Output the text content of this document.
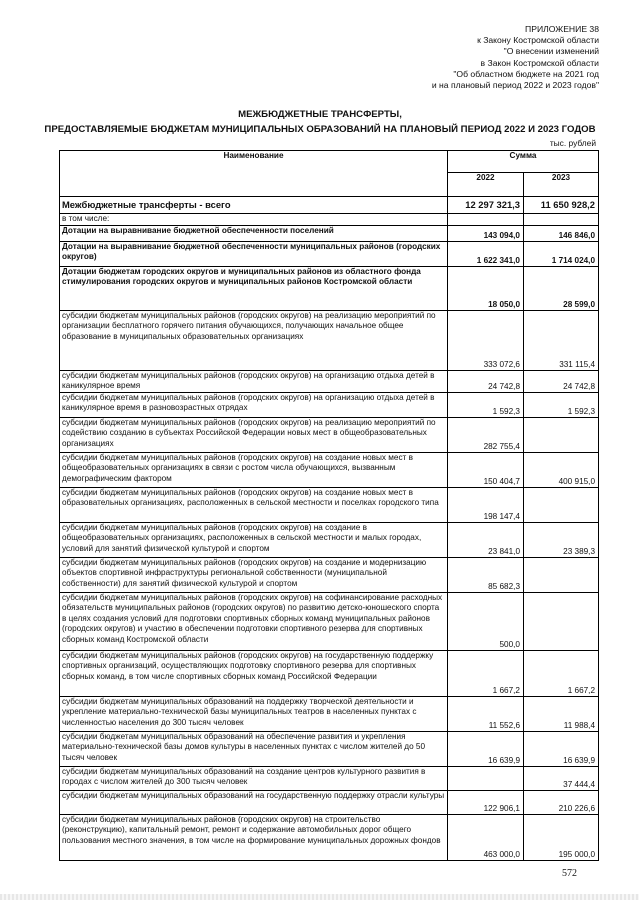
ПРИЛОЖЕНИЕ 38
к Закону Костромской области
"О внесении изменений
в Закон Костромской области
"Об областном бюджете на 2021 год
и на плановый период 2022 и 2023 годов"
МЕЖБЮДЖЕТНЫЕ ТРАНСФЕРТЫ,
ПРЕДОСТАВЛЯЕМЫЕ БЮДЖЕТАМ МУНИЦИПАЛЬНЫХ ОБРАЗОВАНИЙ НА ПЛАНОВЫЙ ПЕРИОД 2022 И 2023 ГОДОВ
тыс. рублей
Наименование	Сумма	
	2022	2023
Межбюджетные трансферты - всего	12 297 321,3	11 650 928,2
в том числе:		
Дотации на выравнивание бюджетной обеспеченности поселений	143 094,0	146 846,0
Дотации на выравнивание бюджетной обеспеченности муниципальных районов (городских округов)	1 622 341,0	1 714 024,0
Дотации бюджетам городских округов и муниципальных районов из областного фонда стимулирования городских округов и муниципальных районов Костромской области	18 050,0	28 599,0
субсидии бюджетам муниципальных районов (городских округов) на реализацию мероприятий по организации бесплатного горячего питания обучающихся, получающих начальное общее образование в муниципальных образовательных организациях	333 072,6	331 115,4
субсидии бюджетам муниципальных районов (городских округов) на организацию отдыха детей в каникулярное время	24 742,8	24 742,8
субсидии бюджетам муниципальных районов (городских округов) на организацию отдыха детей в каникулярное время в разновозрастных отрядах	1 592,3	1 592,3
субсидии бюджетам муниципальных районов (городских округов) на реализацию мероприятий по содействию созданию в субъектах Российской Федерации новых мест в общеобразовательных организациях	282 755,4	
субсидии бюджетам муниципальных районов (городских округов) на создание новых мест в общеобразовательных организациях в связи с ростом числа обучающихся, вызванным демографическим фактором	150 404,7	400 915,0
субсидии бюджетам муниципальных районов (городских округов) на создание новых мест в образовательных организациях, расположенных в сельской местности и поселках городского типа	198 147,4	
субсидии бюджетам муниципальных районов (городских округов) на создание в общеобразовательных организациях, расположенных в сельской местности и малых городах, условий для занятий физической культурой и спортом	23 841,0	23 389,3
субсидии бюджетам муниципальных районов (городских округов) на создание и модернизацию объектов спортивной инфраструктуры региональной собственности (муниципальной собственности) для занятий физической культурой и спортом	85 682,3	
субсидии бюджетам муниципальных районов (городских округов) на софинансирование расходных обязательств муниципальных районов (городских округов) по развитию детско-юношеского спорта в целях создания условий для подготовки спортивных сборных команд муниципальных районов (городских округов) и участию в обеспечении подготовки спортивного резерва для спортивных сборных команд Костромской области	500,0	
субсидии бюджетам муниципальных районов (городских округов) на государственную поддержку спортивных организаций, осуществляющих подготовку спортивного резерва для спортивных сборных команд, в том числе спортивных сборных команд Российской Федерации	1 667,2	1 667,2
субсидии бюджетам муниципальных образований на поддержку творческой деятельности и укрепление материально-технической базы муниципальных театров в населенных пунктах с численностью населения до 300 тысяч человек	11 552,6	11 988,4
субсидии бюджетам муниципальных образований на обеспечение развития и укрепления материально-технической базы домов культуры в населенных пунктах с числом жителей до 50 тысяч человек	16 639,9	16 639,9
субсидии бюджетам муниципальных образований на создание центров культурного развития в городах с числом жителей до 300 тысяч человек		37 444,4
субсидии бюджетам муниципальных образований на государственную поддержку отрасли культуры	122 906,1	210 226,6
субсидии бюджетам муниципальных районов (городских округов) на строительство (реконструкцию), капитальный ремонт, ремонт и содержание автомобильных дорог общего пользования местного значения, в том числе на формирование муниципальных дорожных фондов	463 000,0	195 000,0
572
